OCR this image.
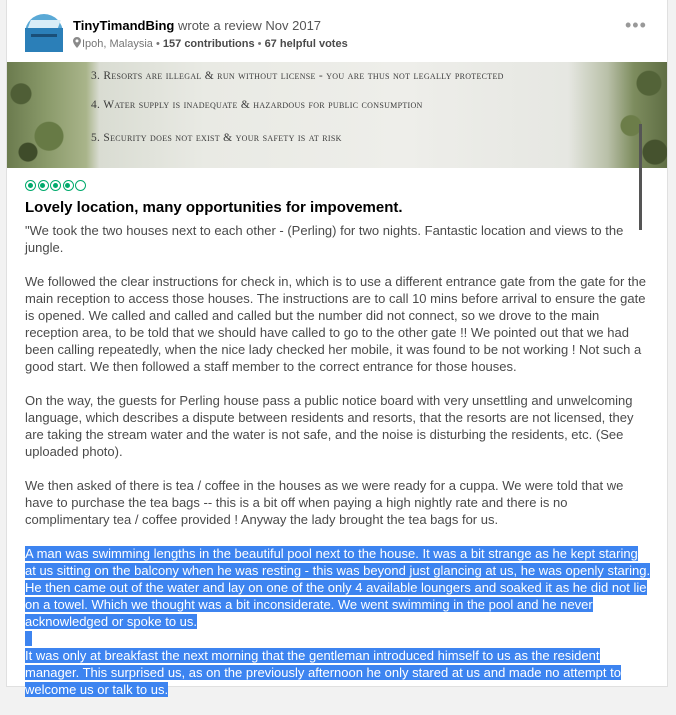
TinyTimandBing wrote a review Nov 2017
Ipoh, Malaysia • 157 contributions • 67 helpful votes
•••
3. Resorts are illegal & run without license - you are thus not legally protected
4. Water supply is inadequate & hazardous for public consumption
5. Security does not exist & your safety is at risk
Lovely location, many opportunities for impovement.

"We took the two houses next to each other - (Perling) for two nights. Fantastic location and views to the jungle.

We followed the clear instructions for check in, which is to use a different entrance gate from the gate for the main reception to access those houses. The instructions are to call 10 mins before arrival to ensure the gate is opened. We called and called and called but the number did not connect, so we drove to the main reception area, to be told that we should have called to go to the other gate !! We pointed out that we had been calling repeatedly, when the nice lady checked her mobile, it was found to be not working ! Not such a good start. We then followed a staff member to the correct entrance for those houses.

On the way, the guests for Perling house pass a public notice board with very unsettling and unwelcoming language, which describes a dispute between residents and resorts, that the resorts are not licensed, they are taking the stream water and the water is not safe, and the noise is disturbing the residents, etc. (See uploaded photo).

We then asked of there is tea / coffee in the houses as we were ready for a cuppa. We were told that we have to purchase the tea bags -- this is a bit off when paying a high nightly rate and there is no complimentary tea / coffee provided ! Anyway the lady brought the tea bags for us.

A man was swimming lengths in the beautiful pool next to the house. It was a bit strange as he kept staring at us sitting on the balcony when he was resting - this was beyond just glancing at us, he was openly staring. He then came out of the water and lay on one of the only 4 available loungers and soaked it as he did not lie on a towel. Which we thought was a bit inconsiderate. We went swimming in the pool and he never acknowledged or spoke to us.

It was only at breakfast the next morning that the gentleman introduced himself to us as the resident manager. This surprised us, as on the previously afternoon he only stared at us and made no attempt to welcome us or talk to us.
